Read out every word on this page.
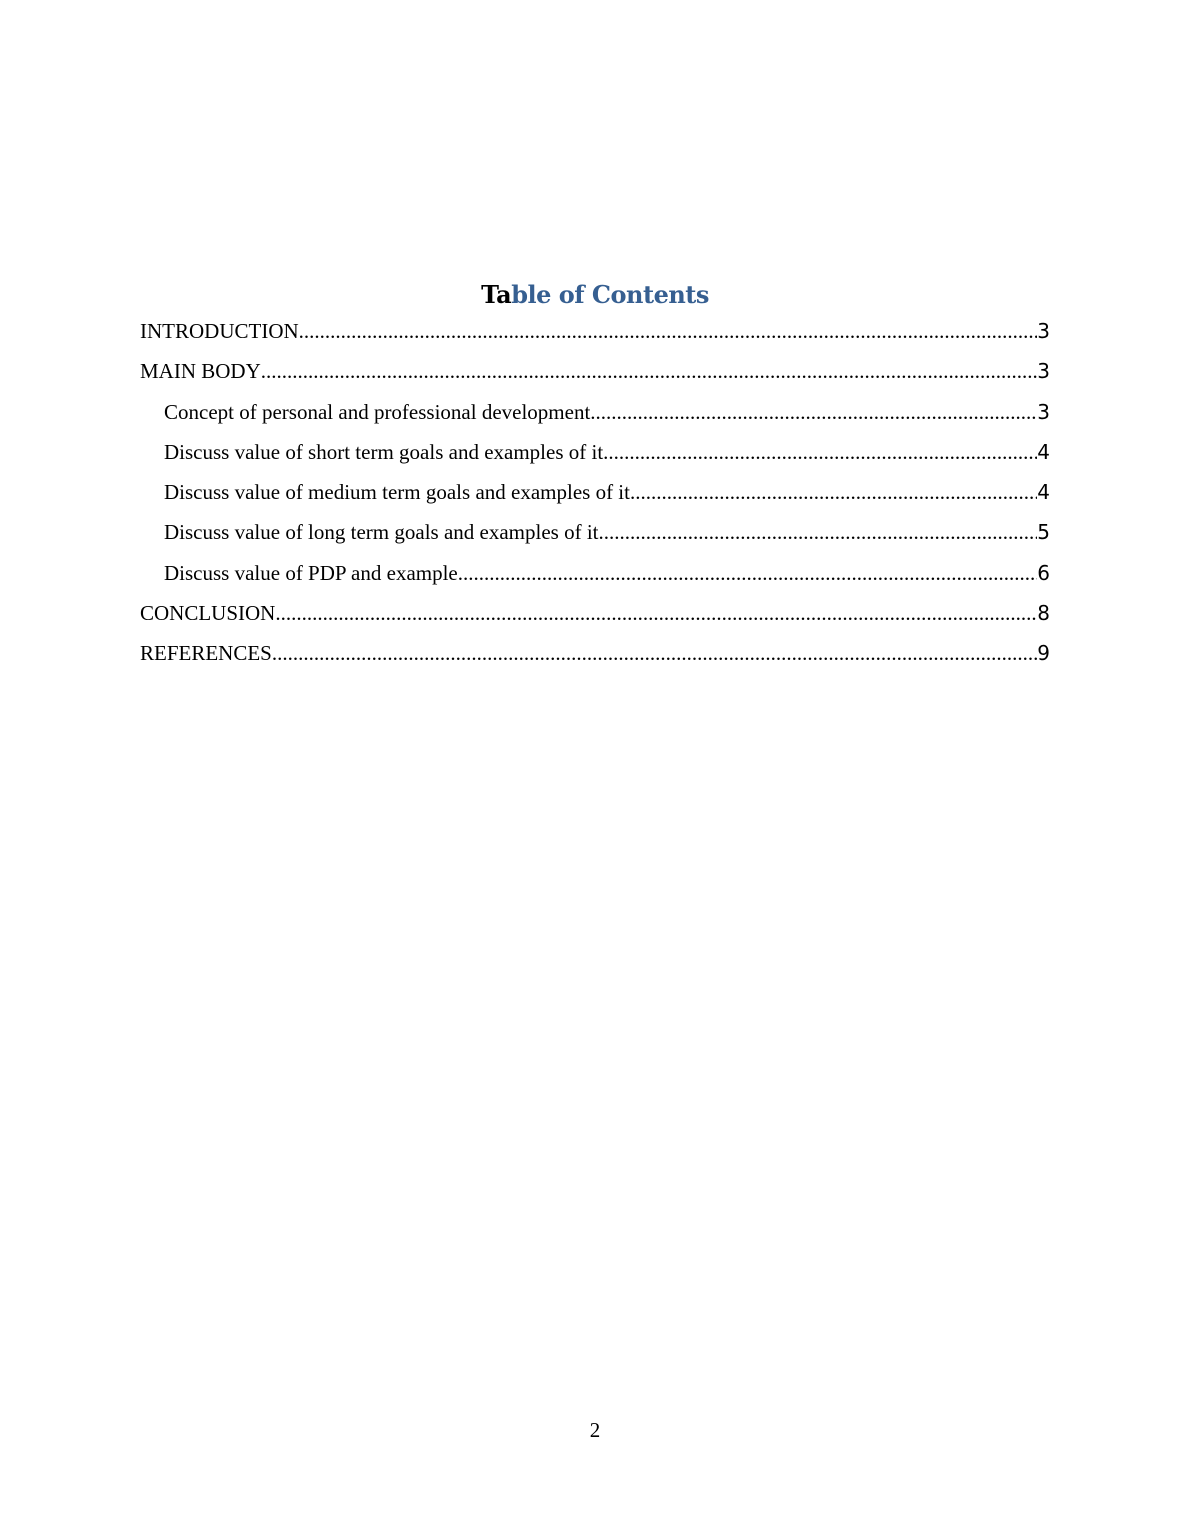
Table of Contents
INTRODUCTION .....	3
MAIN BODY .....	3
Concept of personal and professional development .....	3
Discuss value of short term goals and examples of it .....	4
Discuss value of medium term goals and examples of it .....	4
Discuss value of long term goals and examples of it .....	5
Discuss value of PDP and example .....	6
CONCLUSION .....	8
REFERENCES .....	9
2
